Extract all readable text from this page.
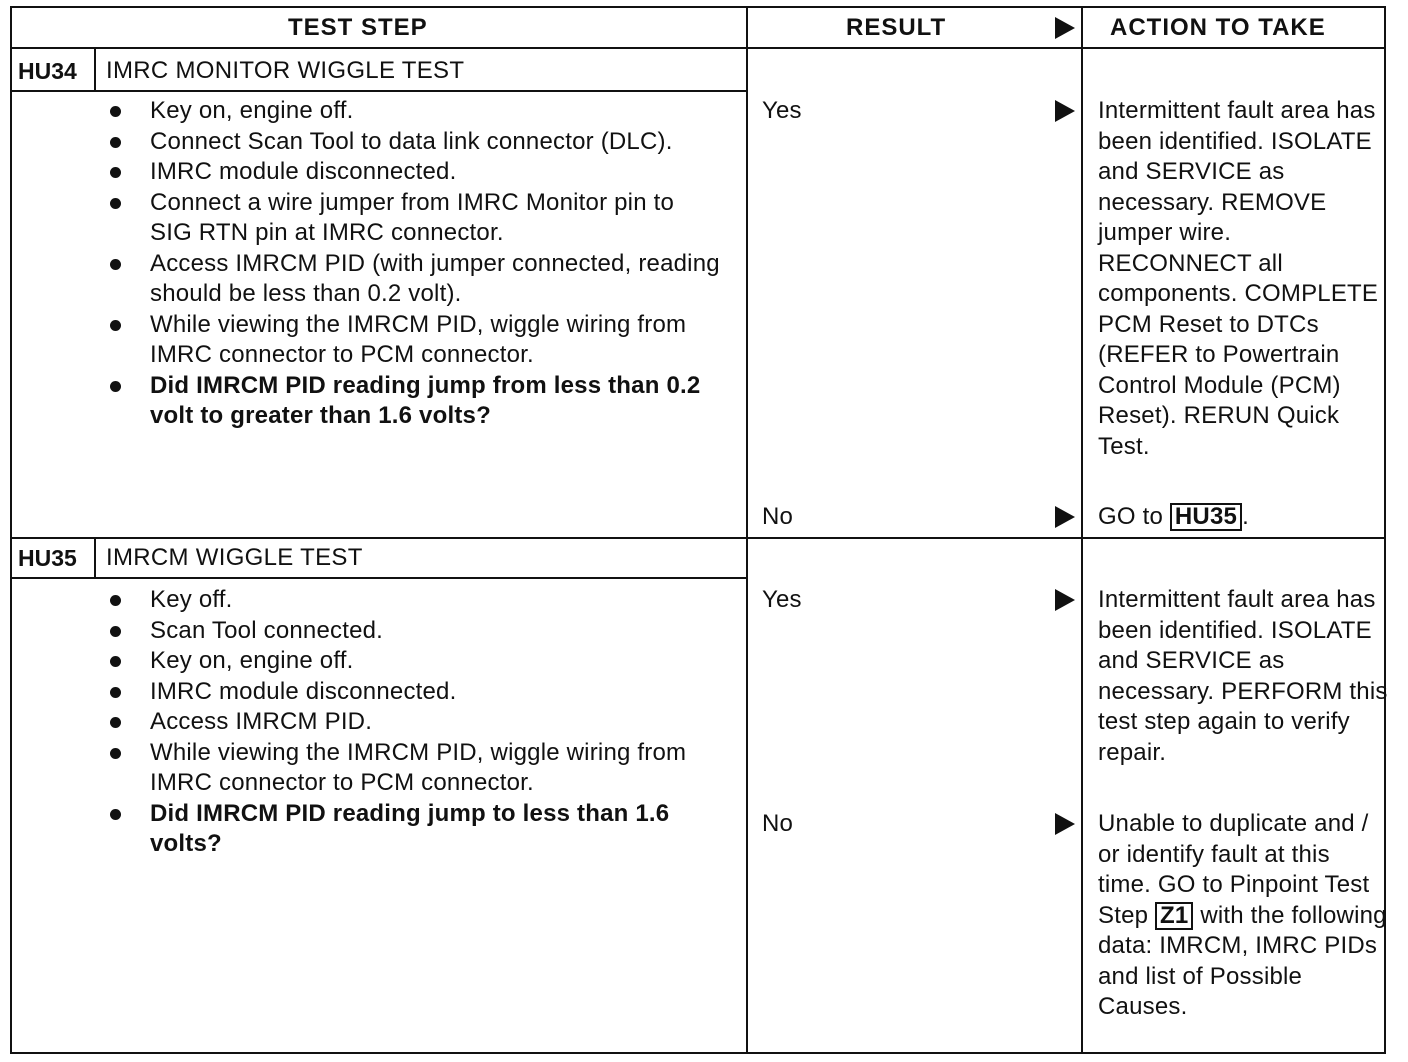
TEST STEP	RESULT	ACTION TO TAKE
HU34 IMRC MONITOR WIGGLE TEST
Key on, engine off.
Connect Scan Tool to data link connector (DLC).
IMRC module disconnected.
Connect a wire jumper from IMRC Monitor pin to SIG RTN pin at IMRC connector.
Access IMRCM PID (with jumper connected, reading should be less than 0.2 volt).
While viewing the IMRCM PID, wiggle wiring from IMRC connector to PCM connector.
Did IMRCM PID reading jump from less than 0.2 volt to greater than 1.6 volts?
Yes	Intermittent fault area has been identified. ISOLATE and SERVICE as necessary. REMOVE jumper wire. RECONNECT all components. COMPLETE PCM Reset to DTCs (REFER to Powertrain Control Module (PCM) Reset). RERUN Quick Test.
No	GO to HU35 .
HU35 IMRCM WIGGLE TEST
Key off.
Scan Tool connected.
Key on, engine off.
IMRC module disconnected.
Access IMRCM PID.
While viewing the IMRCM PID, wiggle wiring from IMRC connector to PCM connector.
Did IMRCM PID reading jump to less than 1.6 volts?
Yes	Intermittent fault area has been identified. ISOLATE and SERVICE as necessary. PERFORM this test step again to verify repair.
No	Unable to duplicate and / or identify fault at this time. GO to Pinpoint Test Step Z1 with the following data: IMRCM, IMRC PIDs and list of Possible Causes.
